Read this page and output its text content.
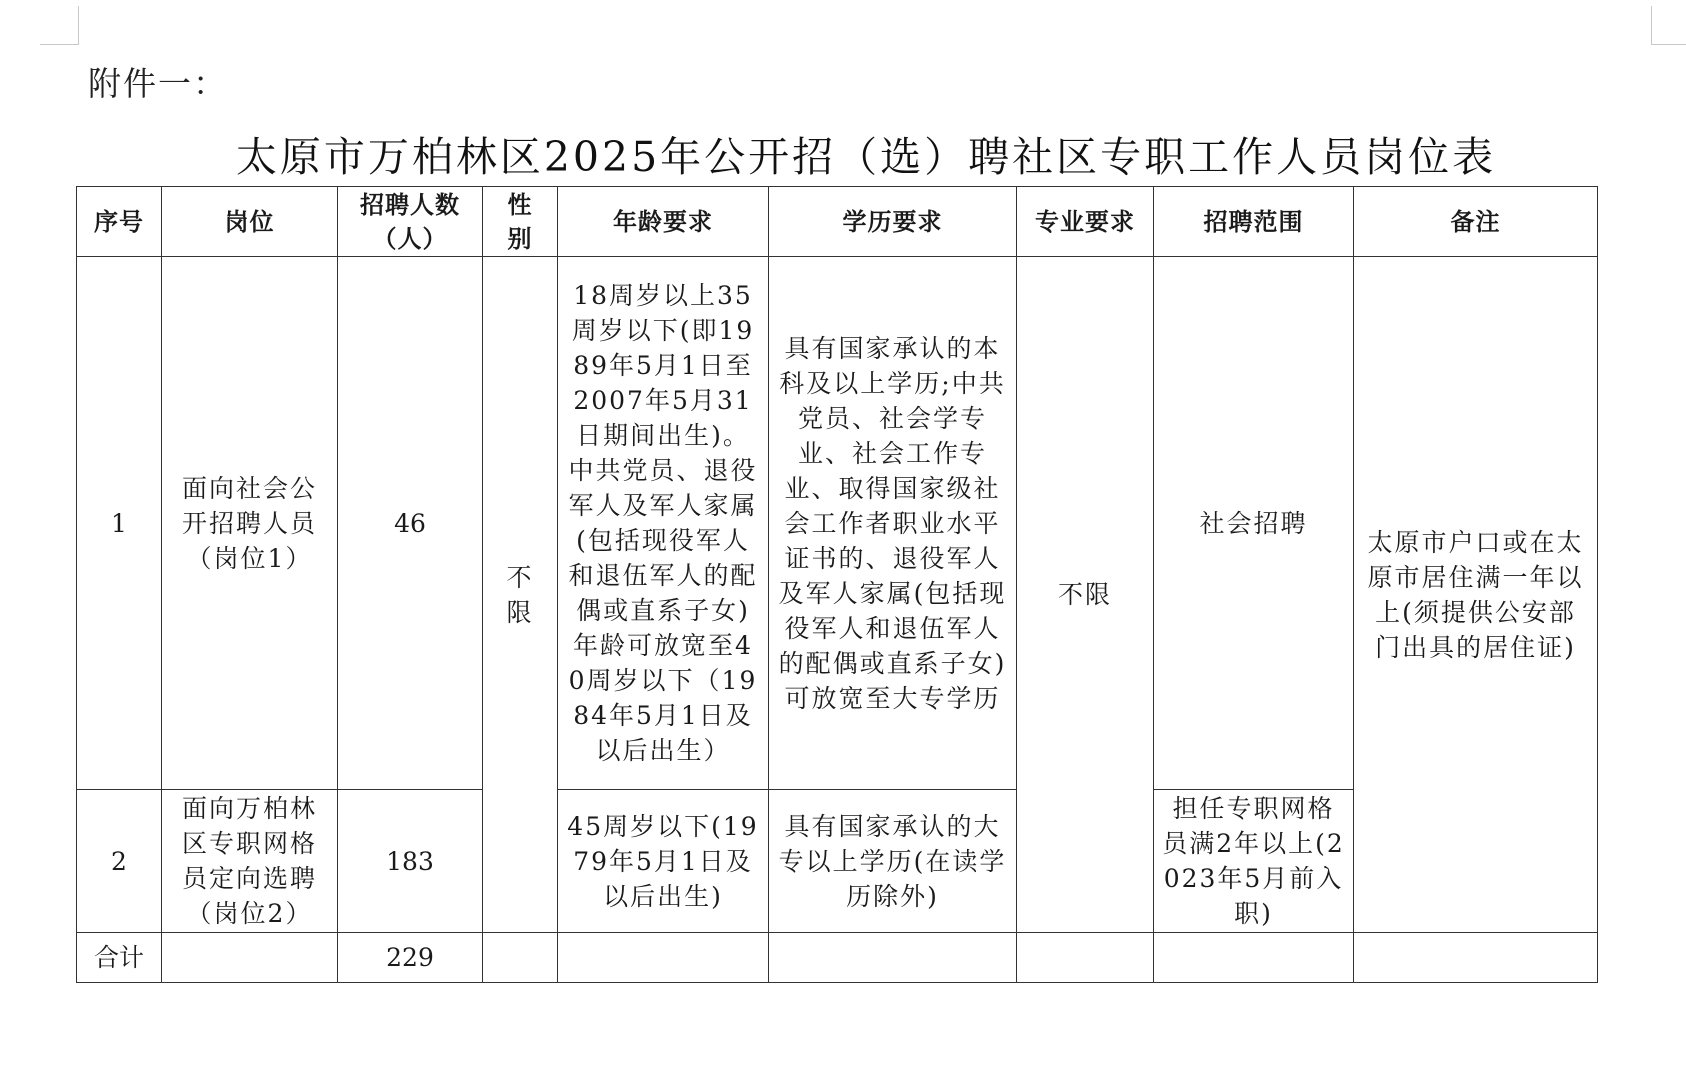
附件一：
太原市万柏林区2025年公开招（选）聘社区专职工作人员岗位表
序号	岗位	招聘人数（人）	性别	年龄要求	学历要求	专业要求	招聘范围	备注
1	面向社会公开招聘人员（岗位1）	46	不限	18周岁以上35周岁以下(即1989年5月1日至2007年5月31日期间出生)。中共党员、退役军人及军人家属(包括现役军人和退伍军人的配偶或直系子女)年龄可放宽至40周岁以下（1984年5月1日及以后出生）	具有国家承认的本科及以上学历;中共党员、社会学专业、社会工作专业、取得国家级社会工作者职业水平证书的、退役军人及军人家属(包括现役军人和退伍军人的配偶或直系子女)可放宽至大专学历	不限	社会招聘	太原市户口或在太原市居住满一年以上(须提供公安部门出具的居住证)
2	面向万柏林区专职网格员定向选聘（岗位2）	183		45周岁以下(1979年5月1日及以后出生)	具有国家承认的大专以上学历(在读学历除外)		担任专职网格员满2年以上(2023年5月前入职)	
合计		229						
